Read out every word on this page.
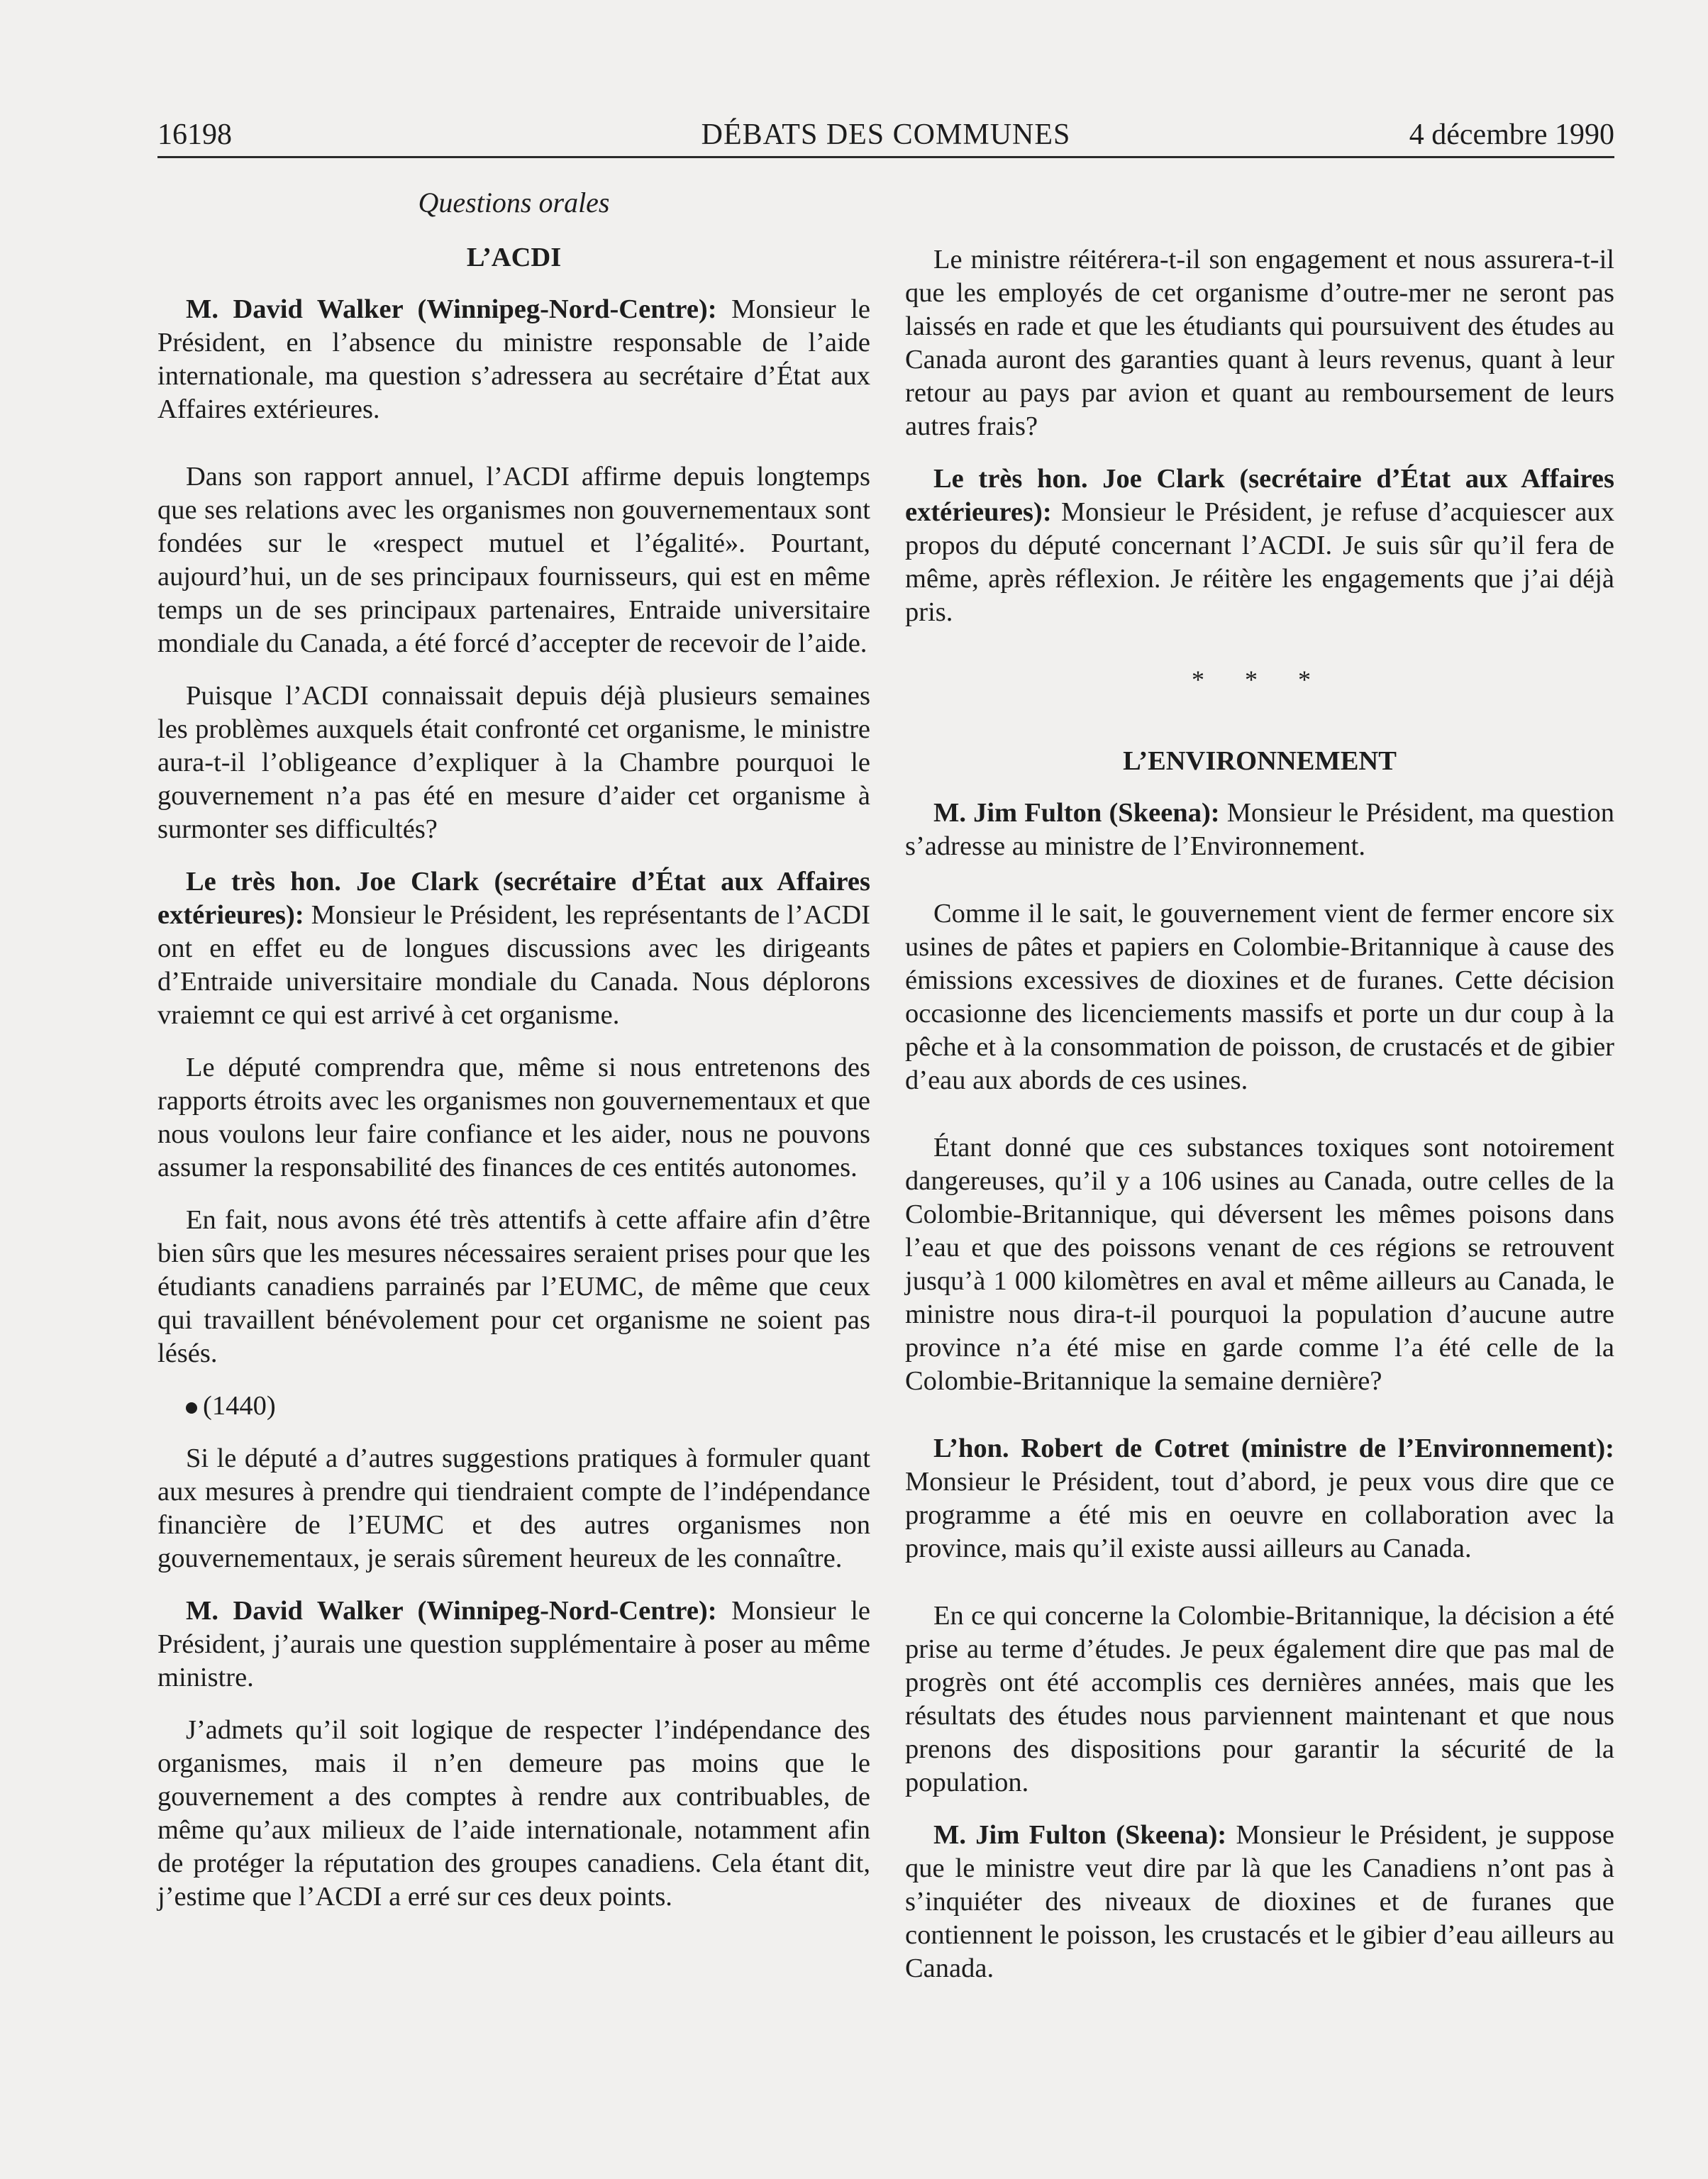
16198	DÉBATS DES COMMUNES	4 décembre 1990
Questions orales
L’ACDI

M. David Walker (Winnipeg-Nord-Centre): Monsieur le Président, en l’absence du ministre responsable de l’aide internationale, ma question s’adressera au secrétaire d’État aux Affaires extérieures.

Dans son rapport annuel, l’ACDI affirme depuis longtemps que ses relations avec les organismes non gouvernementaux sont fondées sur le «respect mutuel et l’égalité». Pourtant, aujourd’hui, un de ses principaux fournisseurs, qui est en même temps un de ses principaux partenaires, Entraide universitaire mondiale du Canada, a été forcé d’accepter de recevoir de l’aide.

Puisque l’ACDI connaissait depuis déjà plusieurs semaines les problèmes auxquels était confronté cet organisme, le ministre aura-t-il l’obligeance d’expliquer à la Chambre pourquoi le gouvernement n’a pas été en mesure d’aider cet organisme à surmonter ses difficultés?

Le très hon. Joe Clark (secrétaire d’État aux Affaires extérieures): Monsieur le Président, les représentants de l’ACDI ont en effet eu de longues discussions avec les dirigeants d’Entraide universitaire mondiale du Canada. Nous déplorons vraiemnt ce qui est arrivé à cet organisme.

Le député comprendra que, même si nous entretenons des rapports étroits avec les organismes non gouvernementaux et que nous voulons leur faire confiance et les aider, nous ne pouvons assumer la responsabilité des finances de ces entités autonomes.

En fait, nous avons été très attentifs à cette affaire afin d’être bien sûrs que les mesures nécessaires seraient prises pour que les étudiants canadiens parrainés par l’EUMC, de même que ceux qui travaillent bénévolement pour cet organisme ne soient pas lésés.

(1440)

Si le député a d’autres suggestions pratiques à formuler quant aux mesures à prendre qui tiendraient compte de l’indépendance financière de l’EUMC et des autres organismes non gouvernementaux, je serais sûrement heureux de les connaître.

M. David Walker (Winnipeg-Nord-Centre): Monsieur le Président, j’aurais une question supplémentaire à poser au même ministre.

J’admets qu’il soit logique de respecter l’indépendance des organismes, mais il n’en demeure pas moins que le gouvernement a des comptes à rendre aux contribuables, de même qu’aux milieux de l’aide internationale, notamment afin de protéger la réputation des groupes canadiens. Cela étant dit, j’estime que l’ACDI a erré sur ces deux points.

Le ministre réitérera-t-il son engagement et nous assurera-t-il que les employés de cet organisme d’outre-mer ne seront pas laissés en rade et que les étudiants qui poursuivent des études au Canada auront des garanties quant à leurs revenus, quant à leur retour au pays par avion et quant au remboursement de leurs autres frais?

Le très hon. Joe Clark (secrétaire d’État aux Affaires extérieures): Monsieur le Président, je refuse d’acquiescer aux propos du député concernant l’ACDI. Je suis sûr qu’il fera de même, après réflexion. Je réitère les engagements que j’ai déjà pris.

* * *
L’ENVIRONNEMENT

M. Jim Fulton (Skeena): Monsieur le Président, ma question s’adresse au ministre de l’Environnement.

Comme il le sait, le gouvernement vient de fermer encore six usines de pâtes et papiers en Colombie-Britannique à cause des émissions excessives de dioxines et de furanes. Cette décision occasionne des licenciements massifs et porte un dur coup à la pêche et à la consommation de poisson, de crustacés et de gibier d’eau aux abords de ces usines.

Étant donné que ces substances toxiques sont notoirement dangereuses, qu’il y a 106 usines au Canada, outre celles de la Colombie-Britannique, qui déversent les mêmes poisons dans l’eau et que des poissons venant de ces régions se retrouvent jusqu’à 1 000 kilomètres en aval et même ailleurs au Canada, le ministre nous dira-t-il pourquoi la population d’aucune autre province n’a été mise en garde comme l’a été celle de la Colombie-Britannique la semaine dernière?

L’hon. Robert de Cotret (ministre de l’Environnement): Monsieur le Président, tout d’abord, je peux vous dire que ce programme a été mis en oeuvre en collaboration avec la province, mais qu’il existe aussi ailleurs au Canada.

En ce qui concerne la Colombie-Britannique, la décision a été prise au terme d’études. Je peux également dire que pas mal de progrès ont été accomplis ces dernières années, mais que les résultats des études nous parviennent maintenant et que nous prenons des dispositions pour garantir la sécurité de la population.

M. Jim Fulton (Skeena): Monsieur le Président, je suppose que le ministre veut dire par là que les Canadiens n’ont pas à s’inquiéter des niveaux de dioxines et de furanes que contiennent le poisson, les crustacés et le gibier d’eau ailleurs au Canada.
